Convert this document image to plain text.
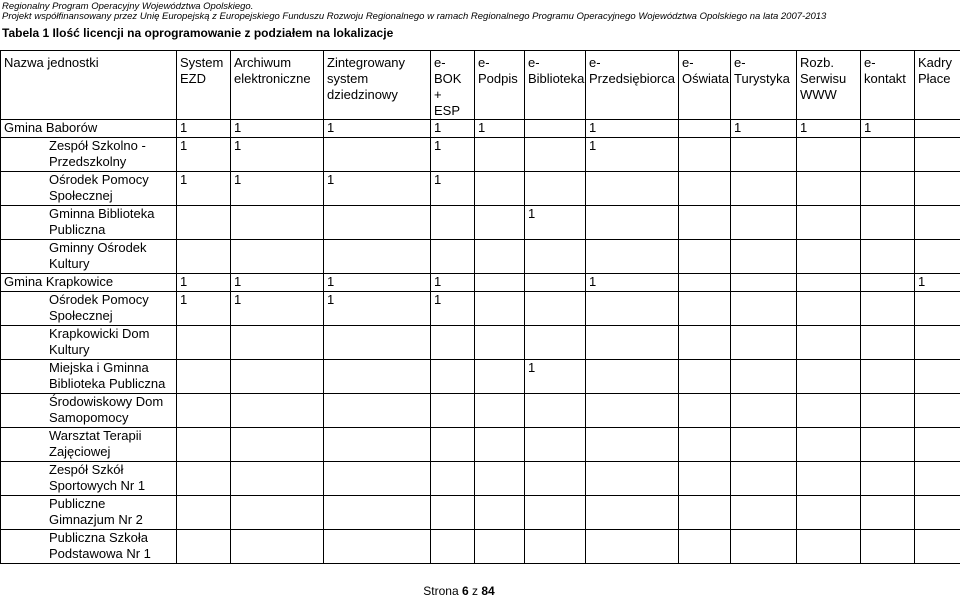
Regionalny Program Operacyjny Województwa Opolskiego.
Projekt współfinansowany przez Unię Europejską z Europejskiego Funduszu Rozwoju Regionalnego w ramach Regionalnego Programu Operacyjnego Województwa Opolskiego na lata 2007-2013
Tabela 1 Ilość licencji na oprogramowanie z podziałem na lokalizacje
Nazwa jednostki	System EZD	Archiwum elektroniczne	Zintegrowany system dziedzinowy	e-BOK + ESP	e- Podpis	e- Biblioteka	e- Przedsiębiorca	e- Oświata	e- Turystyka	Rozb. Serwisu WWW	e- kontakt	Kadry Płace
Gmina Baborów	1	1	1	1	1		1		1	1	1	
Zespół Szkolno - Przedszkolny	1	1		1			1					
Ośrodek Pomocy Społecznej	1	1	1	1								
Gminna Biblioteka Publiczna						1						
Gminny Ośrodek Kultury												
Gmina Krapkowice	1	1	1	1			1					1
Ośrodek Pomocy Społecznej	1	1	1	1								
Krapkowicki Dom Kultury												
Miejska i Gminna Biblioteka Publiczna						1						
Środowiskowy Dom Samopomocy												
Warsztat Terapii Zajęciowej												
Zespół Szkół Sportowych Nr 1												
Publiczne Gimnazjum Nr 2												
Publiczna Szkoła Podstawowa Nr 1												
Strona 6 z 84
